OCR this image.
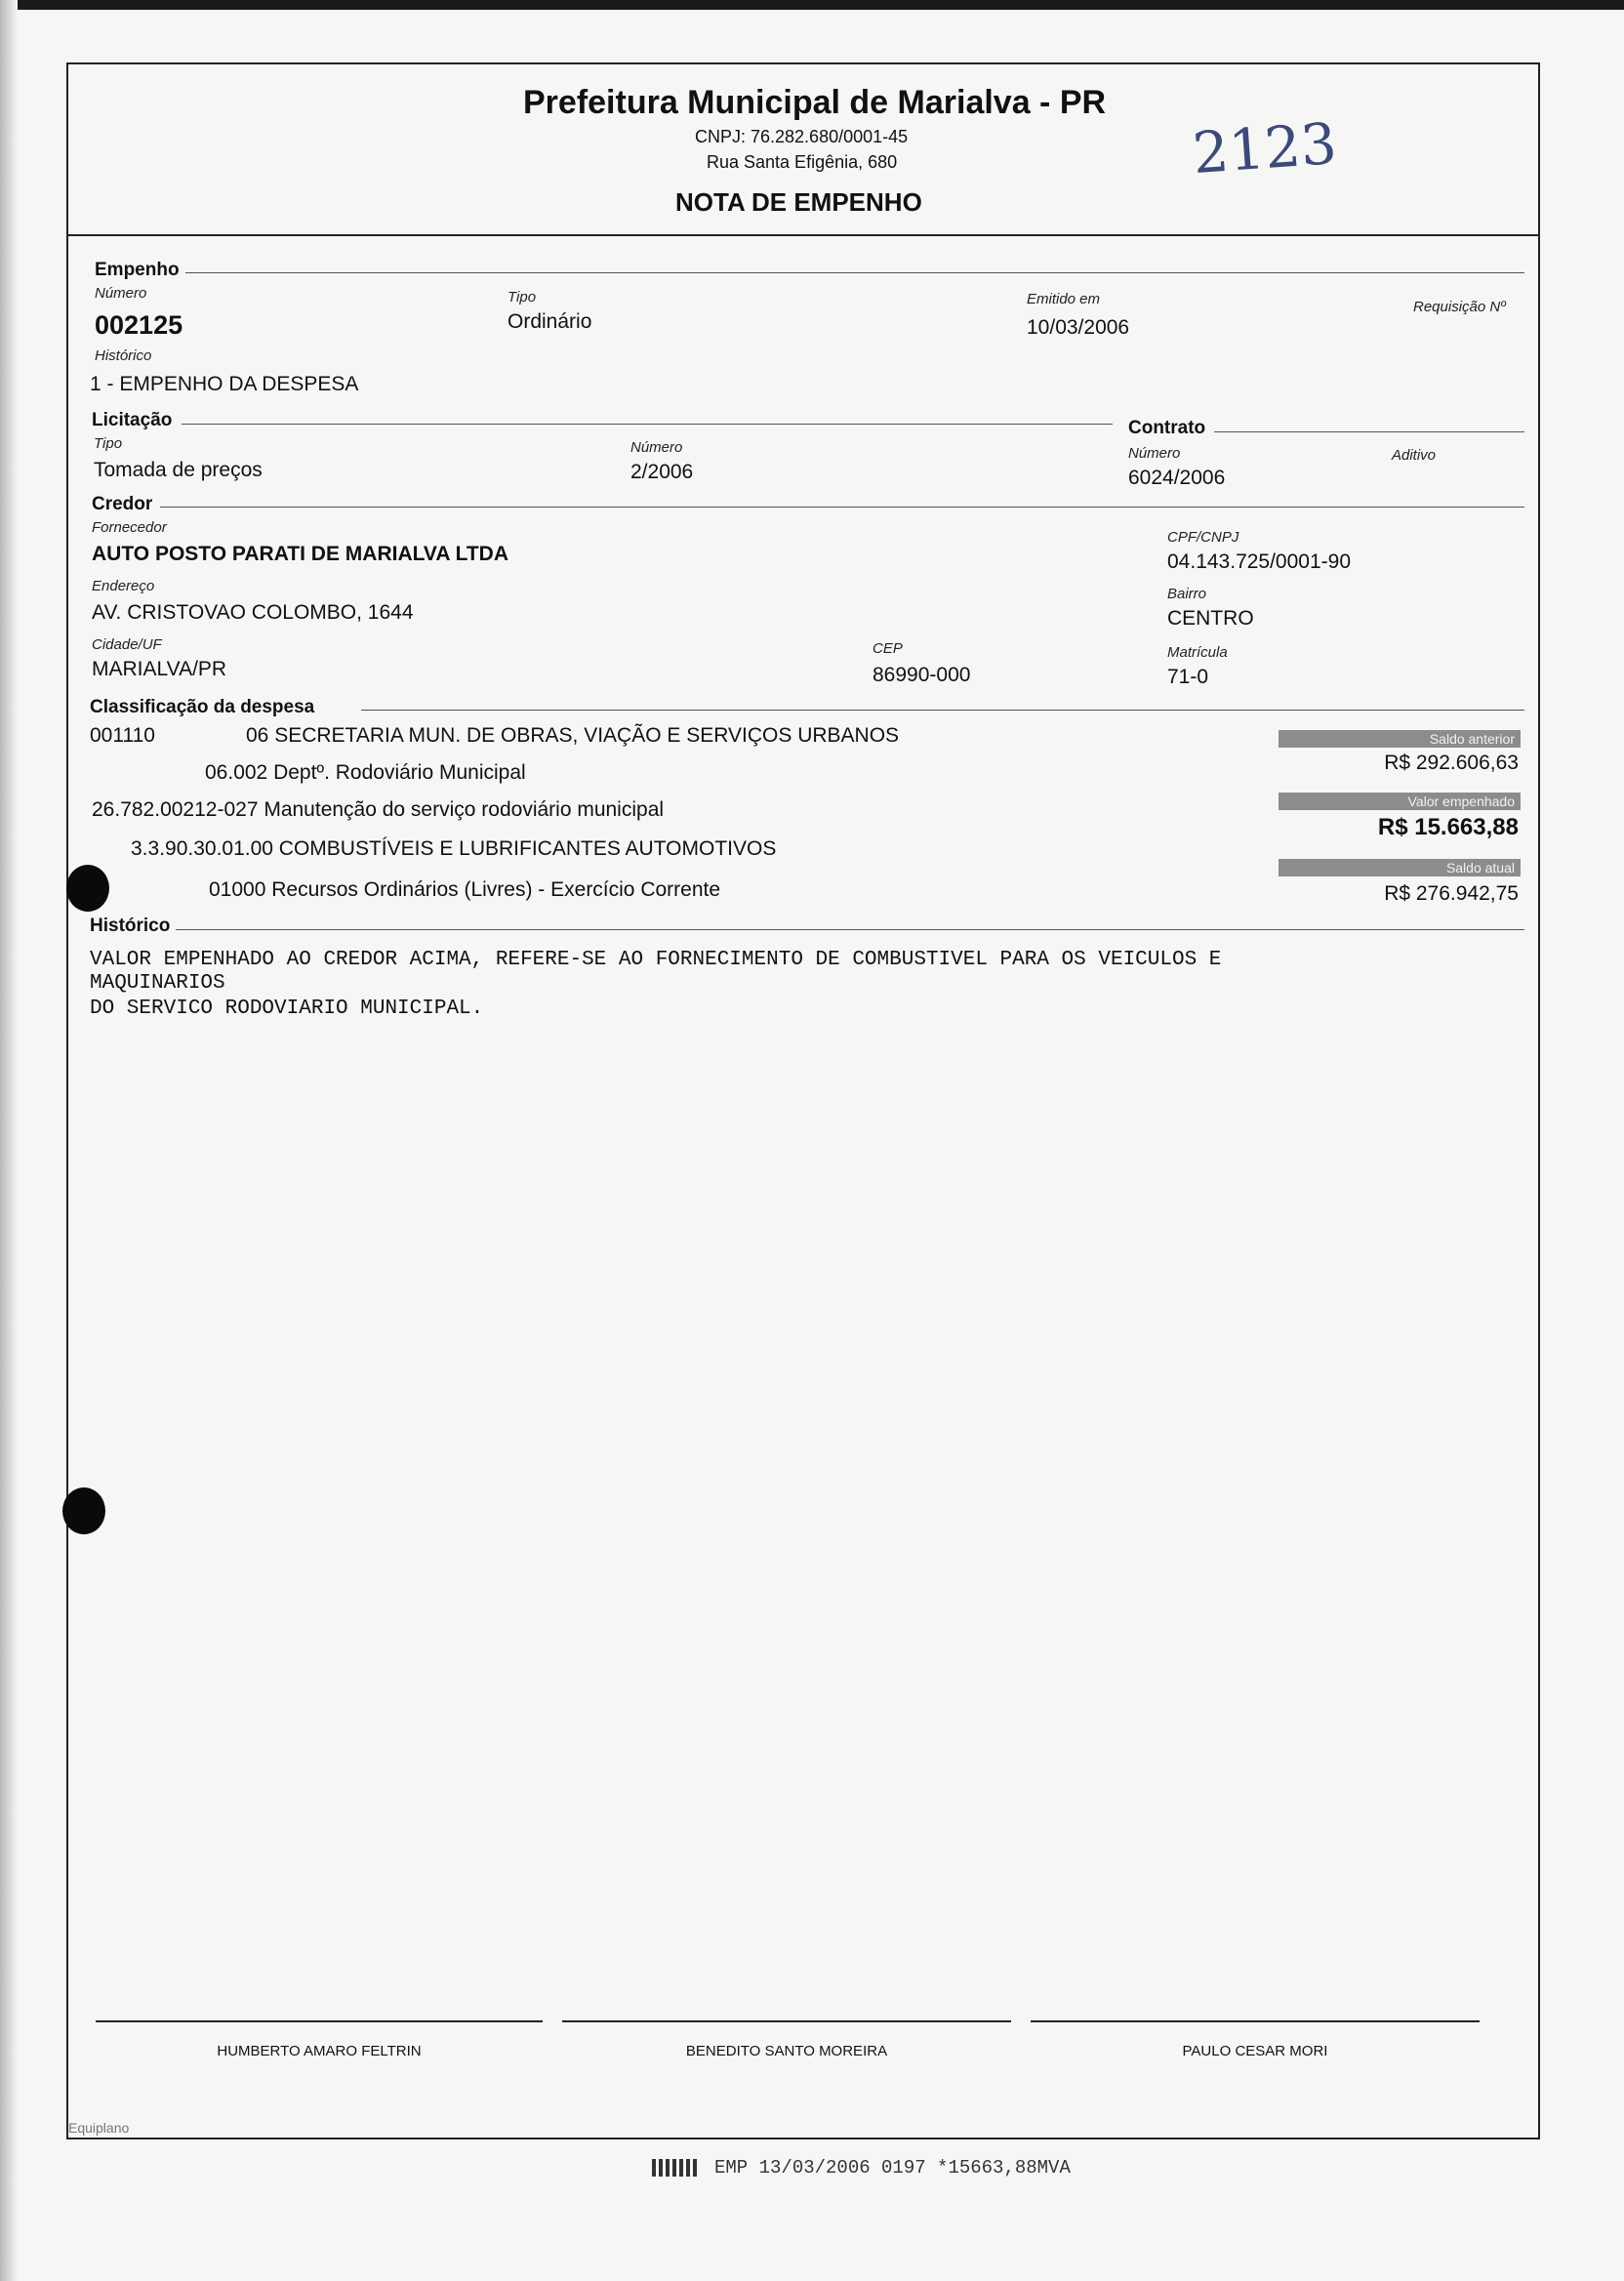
Prefeitura Municipal de Marialva - PR
CNPJ: 76.282.680/0001-45
Rua Santa Efigênia, 680
NOTA DE EMPENHO
2123
Empenho
Número
002125
Tipo
Ordinário
Emitido em
10/03/2006
Requisição Nº
Histórico
1 - EMPENHO DA DESPESA
Licitação
Tipo
Tomada de preços
Número
2/2006
Contrato
Número
6024/2006
Aditivo
Credor
Fornecedor
AUTO POSTO PARATI DE MARIALVA LTDA
CPF/CNPJ
04.143.725/0001-90
Endereço
AV. CRISTOVAO COLOMBO, 1644
Bairro
CENTRO
Cidade/UF
MARIALVA/PR
CEP
86990-000
Matrícula
71-0
Classificação da despesa
001110	06 SECRETARIA MUN. DE OBRAS, VIAÇÃO E SERVIÇOS URBANOS
06.002 Deptº. Rodoviário Municipal
26.782.00212-027 Manutenção do serviço rodoviário municipal
3.3.90.30.01.00 COMBUSTÍVEIS E LUBRIFICANTES AUTOMOTIVOS
01000 Recursos Ordinários (Livres) - Exercício Corrente
Saldo anterior
R$ 292.606,63
Valor empenhado
R$ 15.663,88
Saldo atual
R$ 276.942,75
Histórico
VALOR EMPENHADO AO CREDOR ACIMA, REFERE-SE AO FORNECIMENTO DE COMBUSTIVEL PARA OS VEICULOS E
MAQUINARIOS
DO SERVICO RODOVIARIO MUNICIPAL.
HUMBERTO AMARO FELTRIN	BENEDITO SANTO MOREIRA	PAULO CESAR MORI
Equiplano
EMP 13/03/2006 0197 *15663,88MVA
